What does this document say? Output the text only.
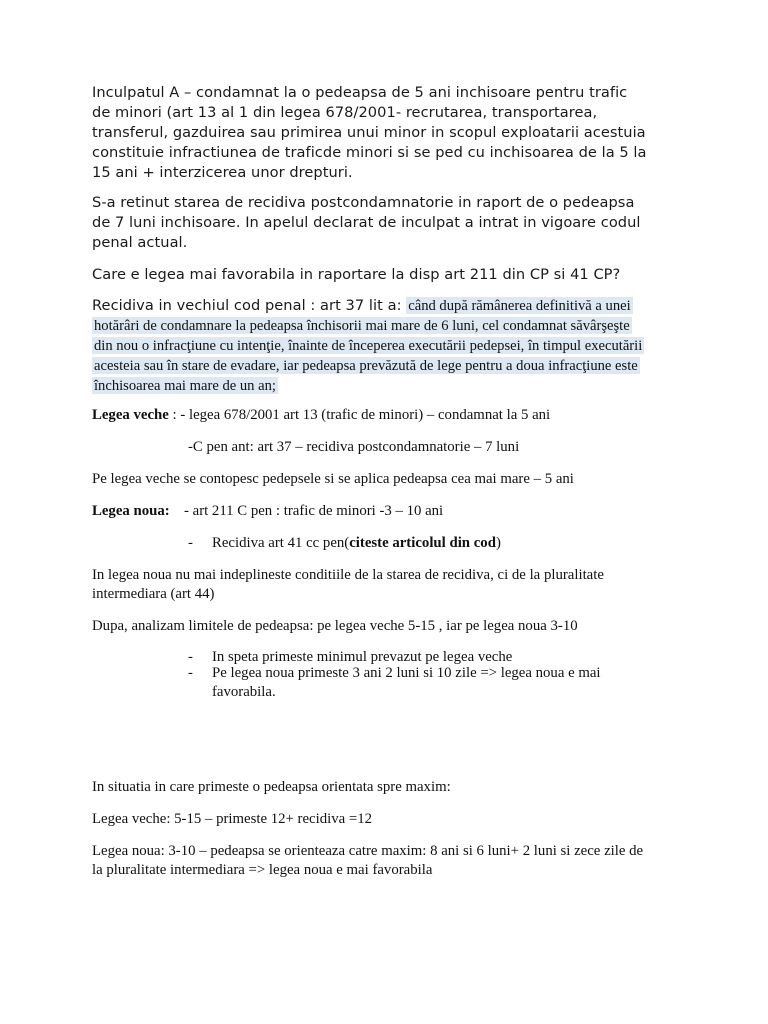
Inculpatul A – condamnat la o pedeapsa de 5 ani inchisoare pentru trafic
de minori (art 13 al 1 din legea 678/2001- recrutarea, transportarea,
transferul, gazduirea sau primirea unui minor in scopul exploatarii acestuia
constituie infractiunea de traficde minori si se ped cu inchisoarea de la 5 la
15 ani + interzicerea unor drepturi.
S-a retinut starea de recidiva postcondamnatorie in raport de o pedeapsa
de 7 luni inchisoare. In apelul declarat de inculpat a intrat in vigoare codul
penal actual.
Care e legea mai favorabila in raportare la disp art 211 din CP si 41 CP?
Recidiva in vechiul cod penal : art 37 lit a: când după rămânerea definitivă a unei
hotărâri de condamnare la pedeapsa închisorii mai mare de 6 luni, cel condamnat săvârşeşte
din nou o infracţiune cu intenţie, înainte de începerea executării pedepsei, în timpul executării
acesteia sau în stare de evadare, iar pedeapsa prevăzută de lege pentru a doua infracţiune este
închisoarea mai mare de un an;
Legea veche : - legea 678/2001 art 13 (trafic de minori) – condamnat la 5 ani
-C pen ant: art 37 – recidiva postcondamnatorie – 7 luni
Pe legea veche se contopesc pedepsele si se aplica pedeapsa cea mai mare – 5 ani
Legea noua: - art 211 C pen : trafic de minori -3 – 10 ani
- Recidiva art 41 cc pen(citeste articolul din cod)
In legea noua nu mai indeplineste conditiile de la starea de recidiva, ci de la pluralitate
intermediara (art 44)
Dupa, analizam limitele de pedeapsa: pe legea veche 5-15 , iar pe legea noua 3-10
- In speta primeste minimul prevazut pe legea veche
- Pe legea noua primeste 3 ani 2 luni si 10 zile => legea noua e mai
favorabila.
In situatia in care primeste o pedeapsa orientata spre maxim:
Legea veche: 5-15 – primeste 12+ recidiva =12
Legea noua: 3-10 – pedeapsa se orienteaza catre maxim: 8 ani si 6 luni+ 2 luni si zece zile de
la pluralitate intermediara => legea noua e mai favorabila
